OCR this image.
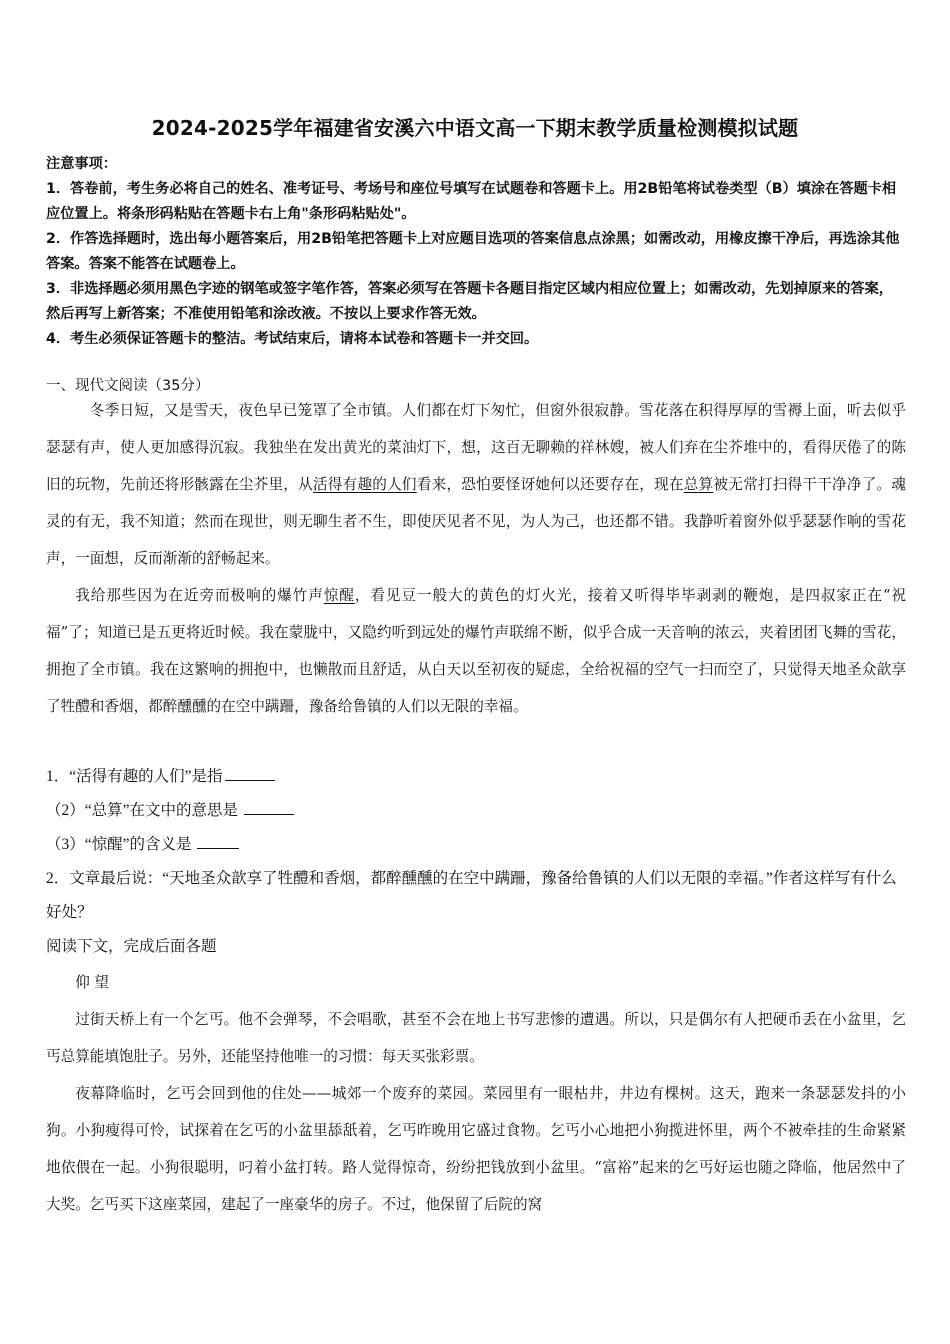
2024-2025学年福建省安溪六中语文高一下期末教学质量检测模拟试题

注意事项：

1．答卷前，考生务必将自己的姓名、准考证号、考场号和座位号填写在试题卷和答题卡上。用2B铅笔将试卷类型（B）填涂在答题卡相应位置上。将条形码粘贴在答题卡右上角"条形码粘贴处"。

2．作答选择题时，选出每小题答案后，用2B铅笔把答题卡上对应题目选项的答案信息点涂黑；如需改动，用橡皮擦干净后，再选涂其他答案。答案不能答在试题卷上。

3．非选择题必须用黑色字迹的钢笔或签字笔作答，答案必须写在答题卡各题目指定区域内相应位置上；如需改动，先划掉原来的答案，然后再写上新答案；不准使用铅笔和涂改液。不按以上要求作答无效。

4．考生必须保证答题卡的整洁。考试结束后，请将本试卷和答题卡一并交回。

一、现代文阅读（35分）

冬季日短，又是雪天，夜色早已笼罩了全市镇。人们都在灯下匆忙，但窗外很寂静。雪花落在积得厚厚的雪褥上面，听去似乎瑟瑟有声，使人更加感得沉寂。我独坐在发出黄光的菜油灯下，想，这百无聊赖的祥林嫂，被人们弃在尘芥堆中的，看得厌倦了的陈旧的玩物，先前还将形骸露在尘芥里，从活得有趣的人们看来，恐怕要怪讶她何以还要存在，现在总算被无常打扫得干干净净了。魂灵的有无，我不知道；然而在现世，则无聊生者不生，即使厌见者不见，为人为己，也还都不错。我静听着窗外似乎瑟瑟作响的雪花声，一面想，反而渐渐的舒畅起来。

我给那些因为在近旁而极响的爆竹声惊醒，看见豆一般大的黄色的灯火光，接着又听得毕毕剥剥的鞭炮，是四叔家正在“祝福”了；知道已是五更将近时候。我在蒙胧中，又隐约听到远处的爆竹声联绵不断，似乎合成一天音响的浓云，夹着团团飞舞的雪花，拥抱了全市镇。我在这繁响的拥抱中，也懒散而且舒适，从白天以至初夜的疑虑，全给祝福的空气一扫而空了，只觉得天地圣众歆享了牲醴和香烟，都醉醺醺的在空中蹒跚，豫备给鲁镇的人们以无限的幸福。

1．“活得有趣的人们”是指

（2）“总算”在文中的意思是

（3）“惊醒”的含义是

2．文章最后说：“天地圣众歆享了牲醴和香烟，都醉醺醺的在空中蹒跚，豫备给鲁镇的人们以无限的幸福。”作者这样写有什么好处？

阅读下文，完成后面各题

仰 望

过街天桥上有一个乞丐。他不会弹琴，不会唱歌，甚至不会在地上书写悲惨的遭遇。所以，只是偶尔有人把硬币丢在小盆里，乞丐总算能填饱肚子。另外，还能坚持他唯一的习惯：每天买张彩票。

夜幕降临时，乞丐会回到他的住处——城郊一个废弃的菜园。菜园里有一眼枯井，井边有棵树。这天，跑来一条瑟瑟发抖的小狗。小狗瘦得可怜，试探着在乞丐的小盆里舔舐着，乞丐昨晚用它盛过食物。乞丐小心地把小狗揽进怀里，两个不被牵挂的生命紧紧地依偎在一起。小狗很聪明，叼着小盆打转。路人觉得惊奇，纷纷把钱放到小盆里。“富裕”起来的乞丐好运也随之降临，他居然中了大奖。乞丐买下这座菜园，建起了一座豪华的房子。不过，他保留了后院的窝
